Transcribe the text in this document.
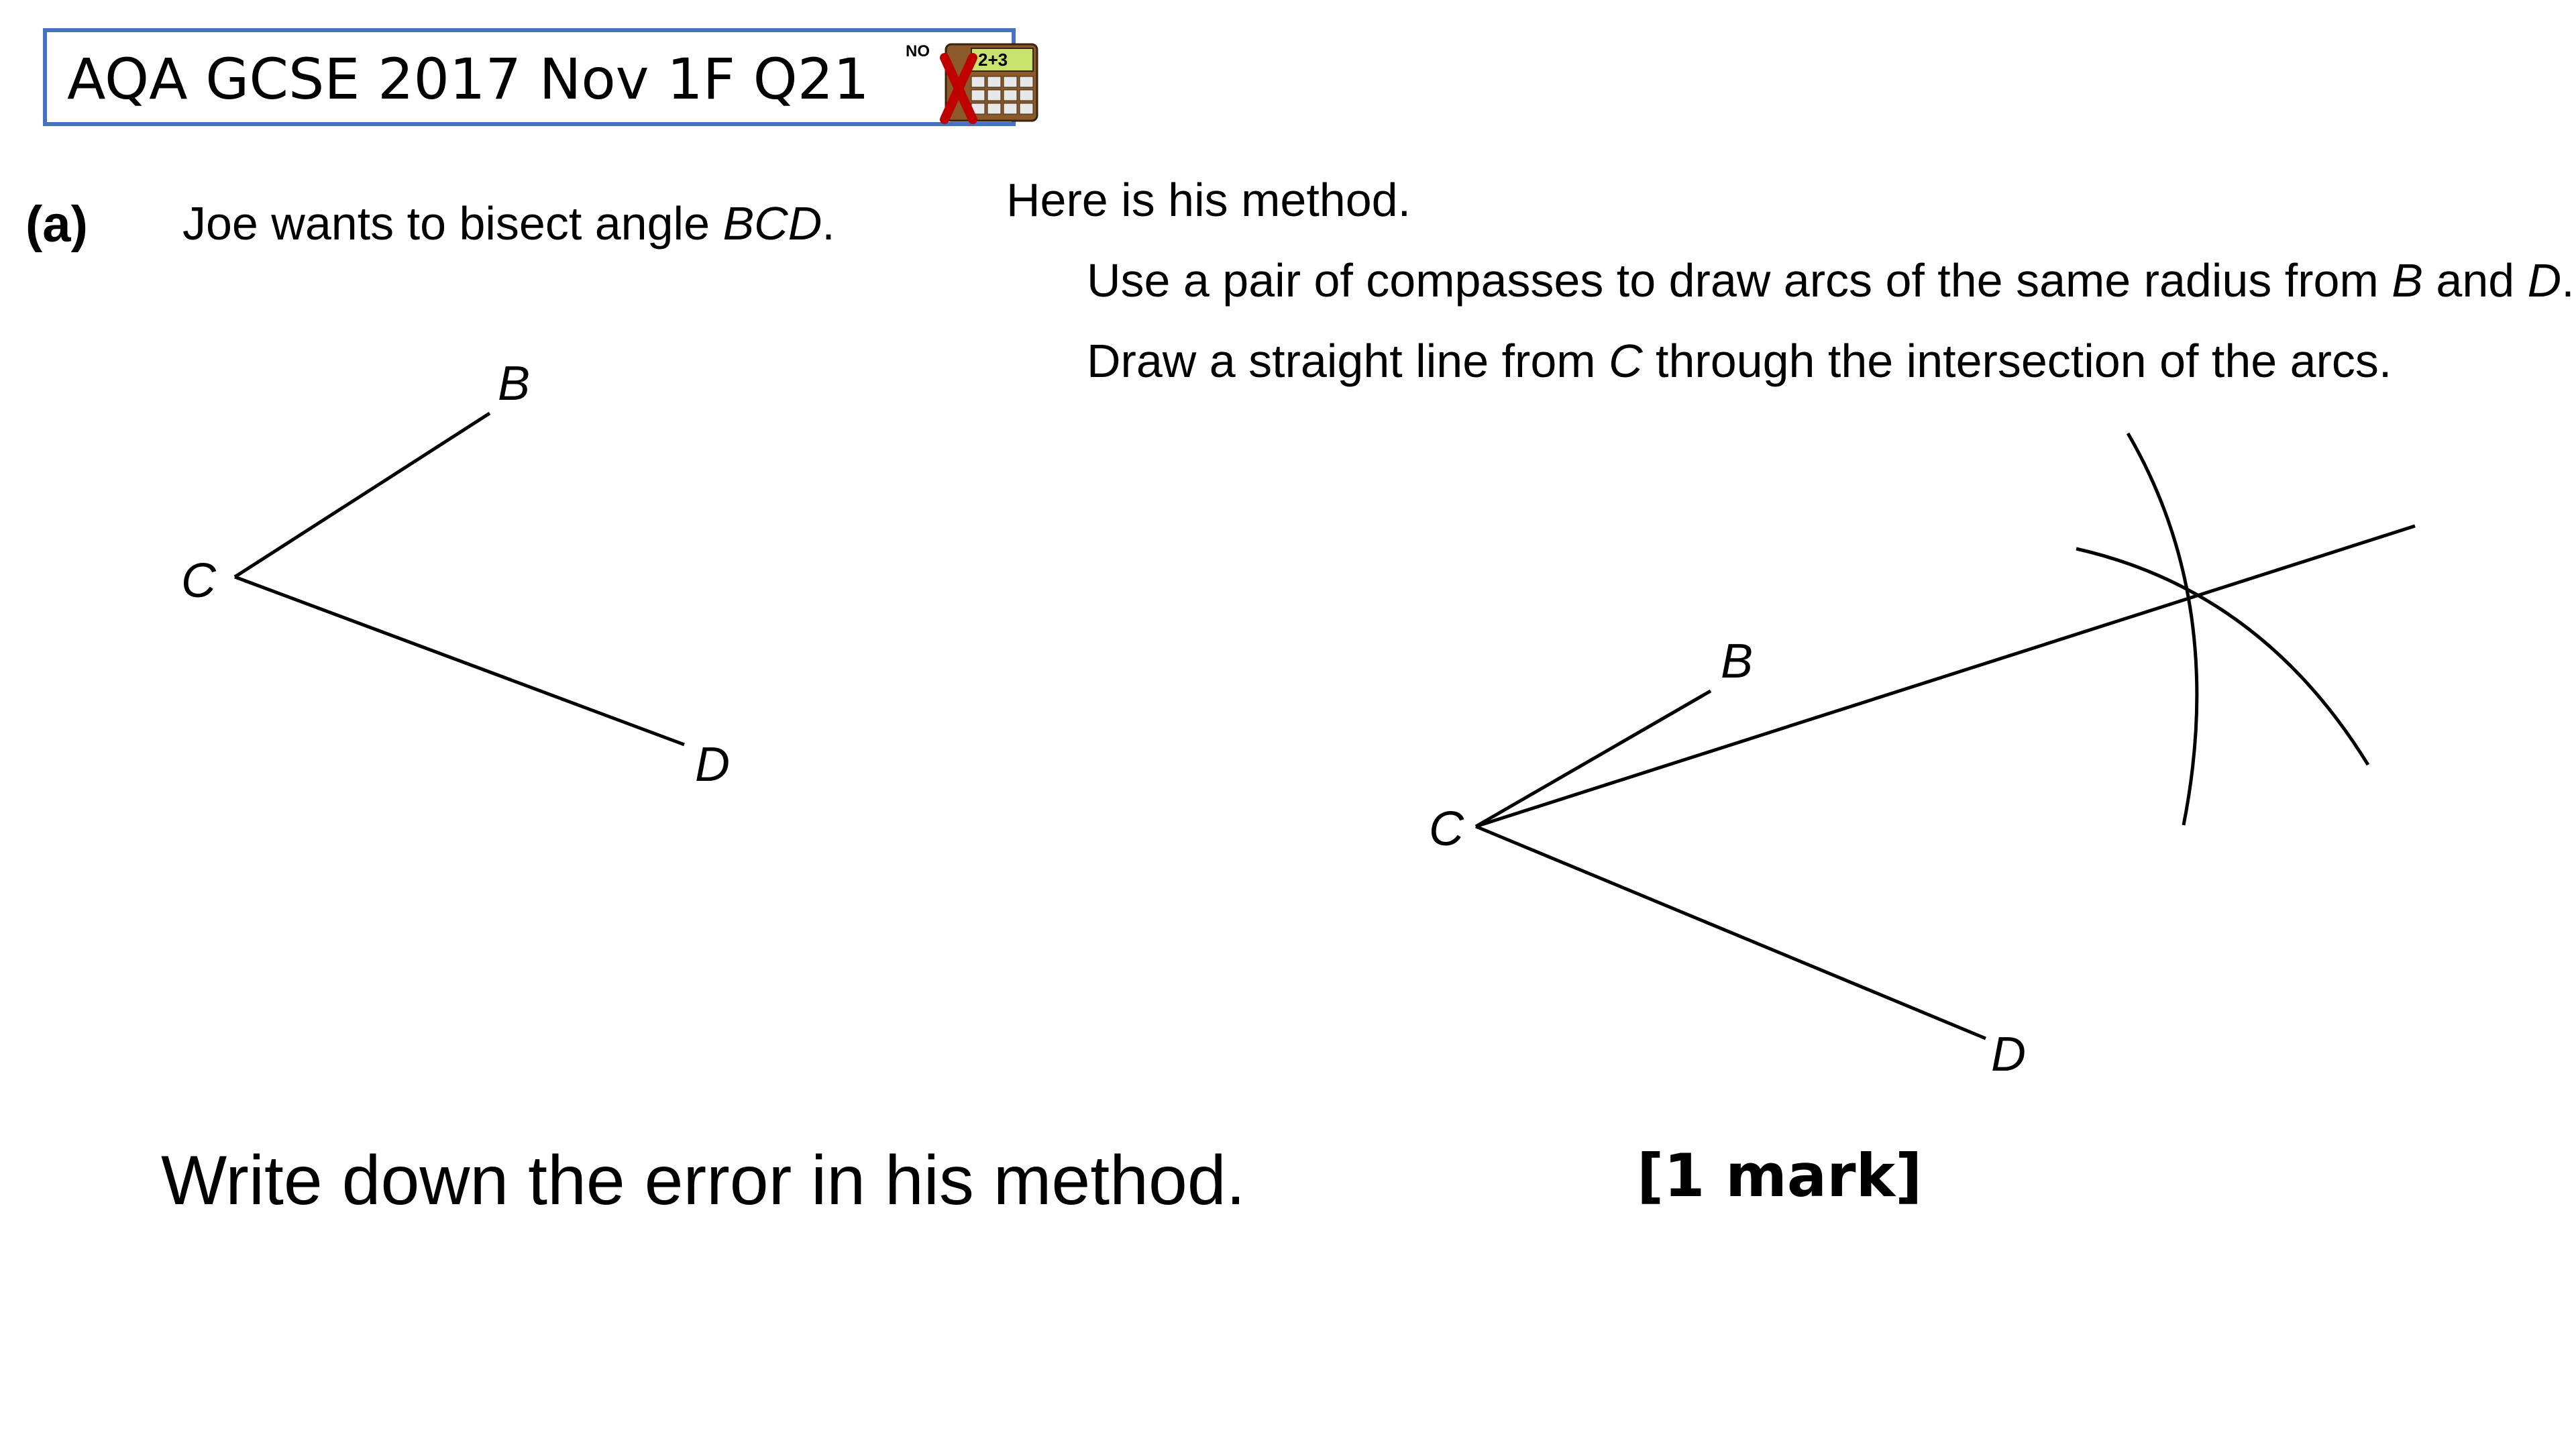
AQA GCSE 2017 Nov 1F Q21 NO	2+3
(a) Joe wants to bisect angle BCD.	Here is his method.
Use a pair of compasses to draw arcs of the same radius from B and D.
Draw a straight line from C through the intersection of the arcs.
B
C
D
B
C
D
Write down the error in his method.	[1 mark]
